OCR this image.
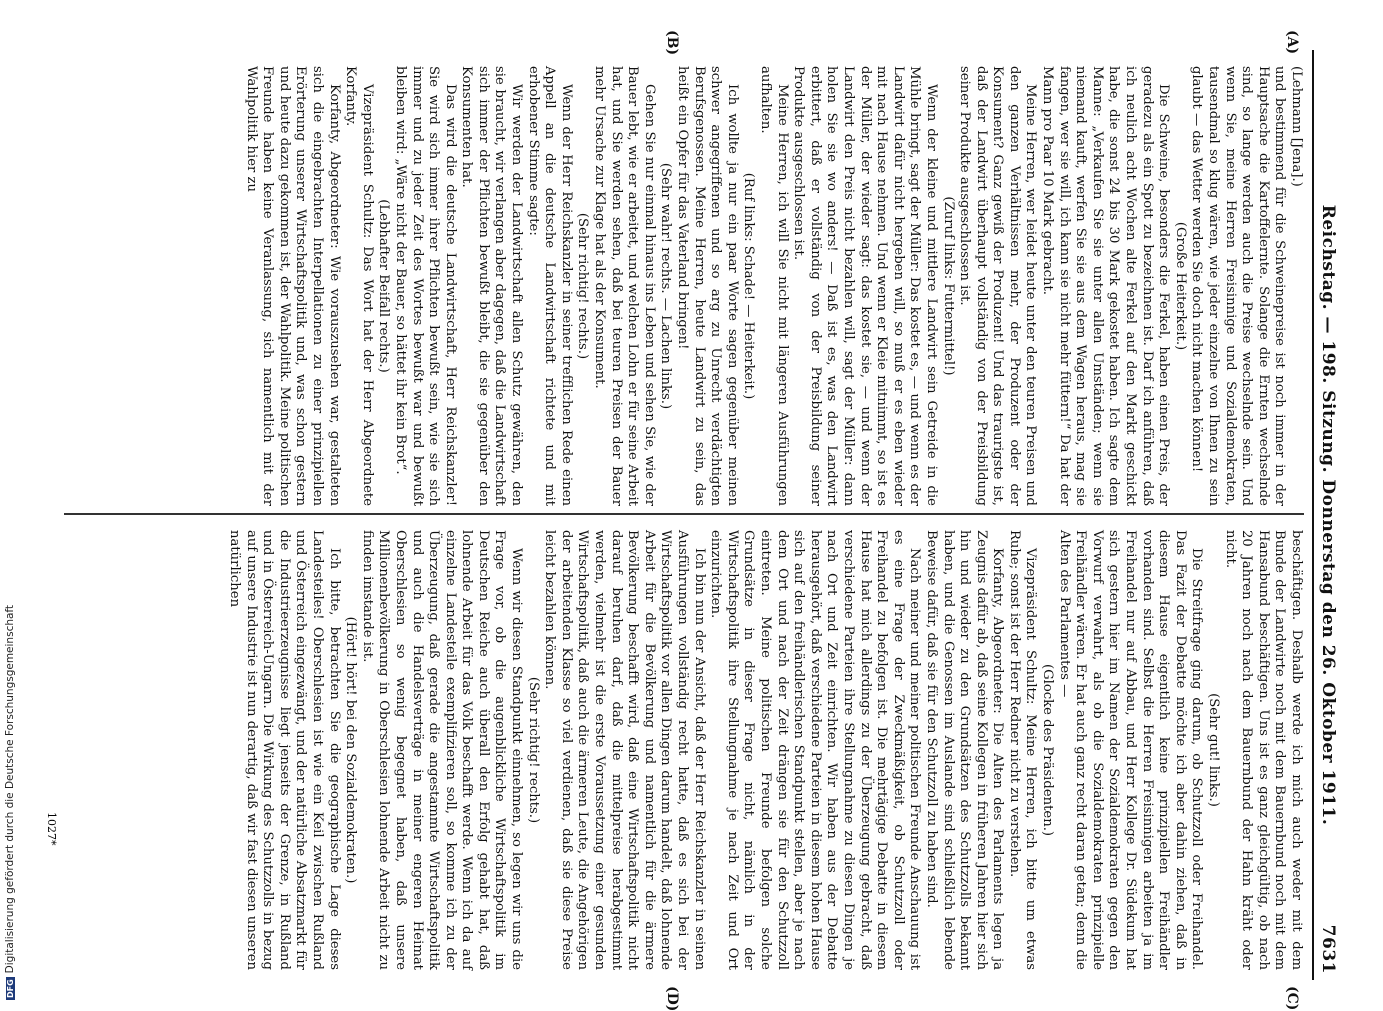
Reichstag. — 198. Sitzung. Donnerstag den 26. Oktober 1911.
7631
(A)
(B)
(C)
(D)

(Lehmann [Jena].)

und bestimmend für die Schweinepreise ist noch immer in der Hauptsache die Kartoffelernte. Solange die Ernten wechselnde sind, so lange werden auch die Preise wechselnde sein. Und wenn Sie, meine Herren Freisinnige und Sozialdemokraten, tausendmal so klug wären, wie jeder einzelne von Ihnen zu sein glaubt — das Wetter werden Sie doch nicht machen können!

(Große Heiterkeit.)

Die Schweine, besonders die Ferkel, haben einen Preis, der geradezu als ein Spott zu bezeichnen ist. Darf ich anführen, daß ich neulich acht Wochen alte Ferkel auf den Markt geschickt habe, die sonst 24 bis 30 Mark gekostet haben. Ich sagte dem Manne: „Verkaufen Sie sie unter allen Umständen; wenn sie niemand kauft, werfen Sie sie aus dem Wagen heraus, mag sie fangen, wer sie will, ich kann sie nicht mehr füttern!“ Da hat der Mann pro Paar 10 Mark gebracht.

Meine Herren, wer leidet heute unter den teuren Preisen und den ganzen Verhältnissen mehr, der Produzent oder der Konsument? Ganz gewiß der Produzent! Und das traurigste ist, daß der Landwirt überhaupt vollständig von der Preisbildung seiner Produkte ausgeschlossen ist.

(Zuruf links: Futtermittel!)

Wenn der kleine und mittlere Landwirt sein Getreide in die Mühle bringt, sagt der Müller: Das kostet es, — und wenn es der Landwirt dafür nicht hergeben will, so muß er es eben wieder mit nach Hause nehmen. Und wenn er Kleie mitnimmt, so ist es der Müller, der wieder sagt: das kostet sie, — und wenn der Landwirt den Preis nicht bezahlen will, sagt der Müller: dann holen Sie sie wo anders! — Daß ist es, was den Landwirt erbittert, daß er vollständig von der Preisbildung seiner Produkte ausgeschlossen ist.

Meine Herren, ich will Sie nicht mit längeren Ausführungen aufhalten.

(Ruf links: Schade! — Heiterkeit.)

Ich wollte ja nur ein paar Worte sagen gegenüber meinen schwer angegriffenen und so arg zu Unrecht verdächtigten Berufsgenossen. Meine Herren, heute Landwirt zu sein, das heißt ein Opfer für das Vaterland bringen!

(Sehr wahr! rechts. — Lachen links.)

Gehen Sie nur einmal hinaus ins Leben und sehen Sie, wie der Bauer lebt, wie er arbeitet, und welchen Lohn er für seine Arbeit hat, und Sie werden sehen, daß bei teuren Preisen der Bauer mehr Ursache zur Klage hat als der Konsument.

(Sehr richtig! rechts.)

Wenn der Herr Reichskanzler in seiner trefflichen Rede einen Appell an die deutsche Landwirtschaft richtete und mit erhobener Stimme sagte:

Wir werden der Landwirtschaft allen Schutz gewähren, den sie braucht, wir verlangen aber dagegen, daß die Landwirtschaft sich immer der Pflichten bewußt bleibt, die sie gegenüber den Konsumenten hat.

Das wird die deutsche Landwirtschaft, Herr Reichskanzler! Sie wird sich immer ihrer Pflichten bewußt sein, wie sie sich immer und zu jeder Zeit des Wortes bewußt war und bewußt bleiben wird: „Wäre nicht der Bauer, so hättet ihr kein Brot“.

(Lebhafter Beifall rechts.)

Vizepräsident Schultz: Das Wort hat der Herr Abgeordnete Korfanty.

Korfanty, Abgeordneter: Wie vorauszusehen war, gestalteten sich die eingebrachten Interpellationen zu einer prinzipiellen Erörterung unserer Wirtschaftspolitik und, was schon gestern und heute dazu gekommen ist, der Wahlpolitik. Meine politischen Freunde haben keine Veranlassung, sich namentlich mit der Wahlpolitik hier zu

beschäftigen. Deshalb werde ich mich auch weder mit dem Bunde der Landwirte noch mit dem Bauernbund noch mit dem Hansabund beschäftigen. Uns ist es ganz gleichgültig, ob nach 20 Jahren noch nach dem Bauernbund der Hahn kräht oder nicht.

(Sehr gut! links.)

Die Streitfrage ging darum, ob Schutzzoll oder Freihandel. Das Fazit der Debatte möchte ich aber dahin ziehen, daß in diesem Hause eigentlich keine prinzipiellen Freihändler vorhanden sind. Selbst die Herren Freisinnigen arbeiten ja im Freihandel nur auf Abbau, und Herr Kollege Dr. Südekum hat sich gestern hier im Namen der Sozialdemokraten gegen den Vorwurf verwahrt, als ob die Sozialdemokraten prinzipielle Freihändler wären. Er hat auch ganz recht daran getan; denn die Alten des Parlamentes —

(Glocke des Präsidenten.)

Vizepräsident Schultz: Meine Herren, ich bitte um etwas Ruhe; sonst ist der Herr Redner nicht zu verstehen.

Korfanty, Abgeordneter: Die Alten des Parlaments legen ja Zeugnis dafür ab, daß seine Kollegen in früheren Jahren hier sich hin und wieder zu den Grundsätzen des Schutzzolls bekannt haben, und die Genossen im Auslande sind schließlich lebende Beweise dafür, daß sie für den Schutzzoll zu haben sind.

Nach meiner und meiner politischen Freunde Anschauung ist es eine Frage der Zweckmäßigkeit, ob Schutzzoll oder Freihandel zu befolgen ist. Die mehrtägige Debatte in diesem Hause hat mich allerdings zu der Überzeugung gebracht, daß verschiedene Parteien ihre Stellungnahme zu diesen Dingen je nach Ort und Zeit einrichten. Wir haben aus der Debatte herausgehört, daß verschiedene Parteien in diesem hohen Hause sich auf den freihändlerischen Standpunkt stellen, aber je nach dem Ort und nach der Zeit drängen sie für den Schutzzoll eintreten. Meine politischen Freunde befolgen solche Grundsätze in dieser Frage nicht, nämlich in der Wirtschaftspolitik ihre Stellungnahme je nach Zeit und Ort einzurichten.

Ich bin nun der Ansicht, daß der Herr Reichskanzler in seinen Ausführungen vollständig recht hatte, daß es sich bei der Wirtschaftspolitik vor allen Dingen darum handelt, daß lohnende Arbeit für die Bevölkerung und namentlich für die ärmere Bevölkerung beschafft wird, daß eine Wirtschaftspolitik nicht darauf beruhen darf, daß die mittelpreise herabgestimmt werden, vielmehr ist die erste Voraussetzung einer gesunden Wirtschaftspolitik, daß auch die ärmeren Leute, die Angehörigen der arbeitenden Klasse so viel verdienen, daß sie diese Preise leicht bezahlen können.

(Sehr richtig! rechts.)

Wenn wir diesen Standpunkt einnehmen, so legen wir uns die Frage vor, ob die augenblickliche Wirtschaftspolitik im Deutschen Reiche auch überall den Erfolg gehabt hat, daß lohnende Arbeit für das Volk beschafft werde. Wenn ich da auf einzelne Landesteile exemplifizieren soll, so komme ich zu der Überzeugung, daß gerade die angestammte Wirtschaftspolitik und auch die Handelsverträge in meiner engeren Heimat Oberschlesien so wenig begegnet haben, daß unsere Millionenbevölkerung in Oberschlesien lohnende Arbeit nicht zu finden imstande ist.

(Hört! hört! bei den Sozialdemokraten.)

Ich bitte, betrachten Sie die geographische Lage dieses Landesteiles! Oberschlesien ist wie ein Keil zwischen Rußland und Österreich eingezwängt, und der natürliche Absatzmarkt für die Industrieerzeugnisse liegt jenseits der Grenze, in Rußland und in Österreich-Ungarn. Die Wirkung des Schutzzolls in bezug auf unsere Industrie ist nun derartig, daß wir fast diesen unseren natürlichen

DFGDigitalisierung gefördert durch die Deutsche Forschungsgemeinschaft	1027*
